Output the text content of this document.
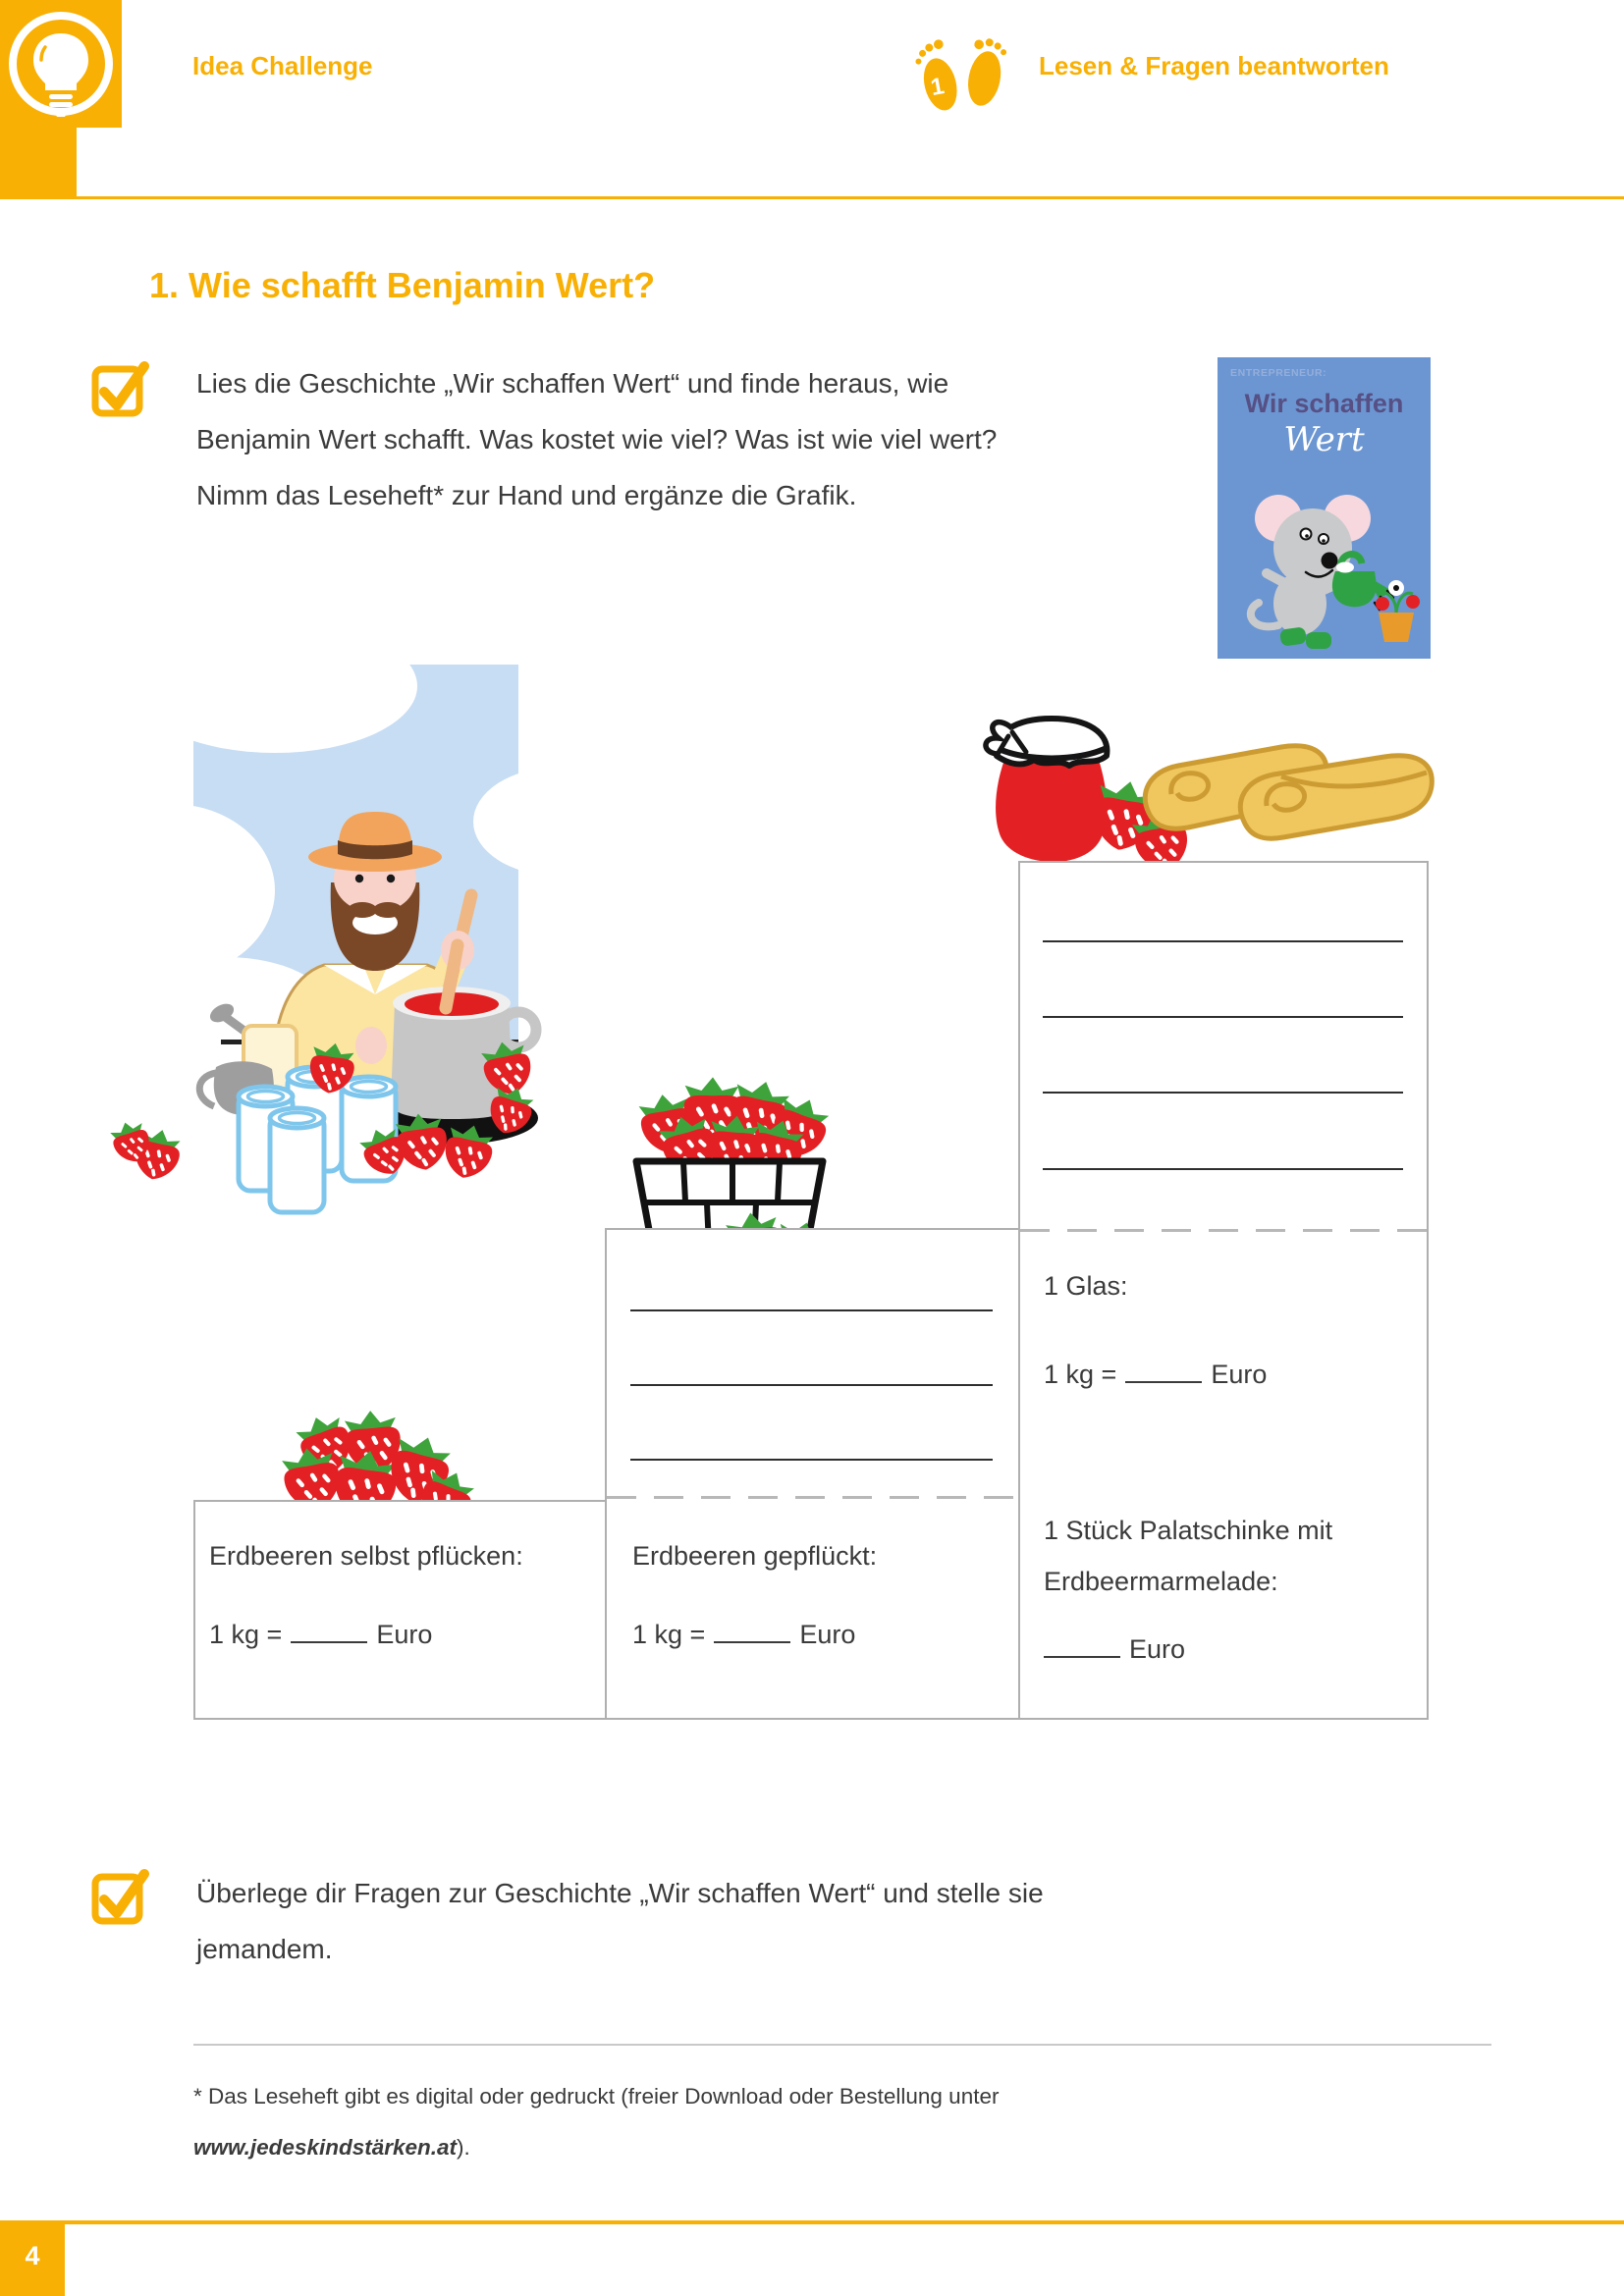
Idea Challenge
1
Lesen & Fragen beantworten
1. Wie schafft Benjamin Wert?
Lies die Geschichte „Wir schaffen Wert“ und finde heraus, wie
Benjamin Wert schafft. Was kostet wie viel? Was ist wie viel wert?
Nimm das Leseheft* zur Hand und ergänze die Grafik.
ENTREPRENEUR:
Wir schaffen
Wert
Erdbeeren selbst pflücken:
1 kg =	Euro
Erdbeeren gepflückt:
1 kg =	Euro
1 Glas:
1 kg =	Euro
1 Stück Palatschinke mit
Erdbeermarmelade:
Euro
Überlege dir Fragen zur Geschichte „Wir schaffen Wert“ und stelle sie
jemandem.
* Das Leseheft gibt es digital oder gedruckt (freier Download oder Bestellung unter
www.jedeskindstärken.at).
4
